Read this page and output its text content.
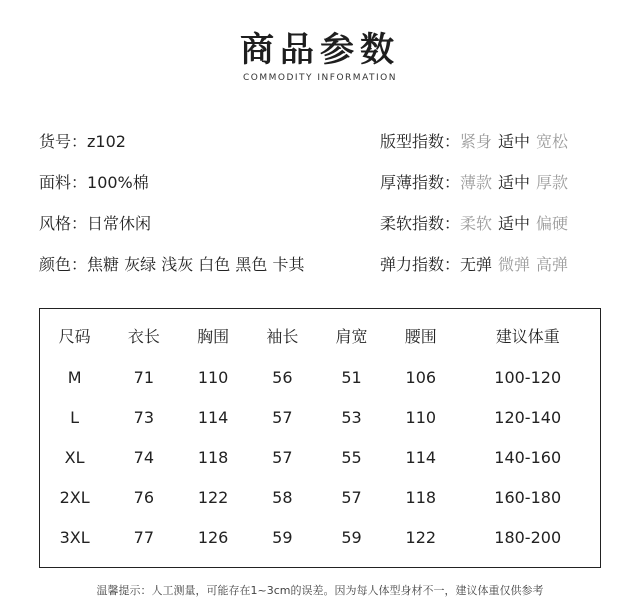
商品参数
COMMODITY INFORMATION
货号：z102
面料：100%棉
风格：日常休闲
颜色：焦糖 灰绿 浅灰 白色 黑色 卡其
版型指数：紧身 适中 宽松
厚薄指数：薄款 适中 厚款
柔软指数：柔软 适中 偏硬
弹力指数：无弹 微弹 高弹
尺码	衣长	胸围	袖长	肩宽	腰围	建议体重
M	71	110	56	51	106	100-120
L	73	114	57	53	110	120-140
XL	74	118	57	55	114	140-160
2XL	76	122	58	57	118	160-180
3XL	77	126	59	59	122	180-200
温馨提示：人工测量，可能存在1~3cm的误差。因为每人体型身材不一，建议体重仅供参考
